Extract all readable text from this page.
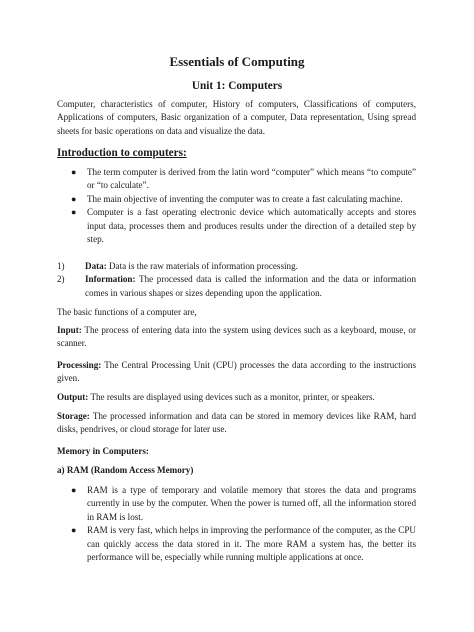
Essentials of Computing
Unit 1: Computers

Computer, characteristics of computer, History of computers, Classifications of computers, Applications of computers, Basic organization of a computer, Data representation, Using spread sheets for basic operations on data and visualize the data.

Introduction to computers:
● The term computer is derived from the latin word “computer” which means “to compute” or “to calculate”.
● The main objective of inventing the computer was to create a fast calculating machine.
● Computer is a fast operating electronic device which automatically accepts and stores input data, processes them and produces results under the direction of a detailed step by step.
1) Data: Data is the raw materials of information processing.
2) Information: The processed data is called the information and the data or information comes in various shapes or sizes depending upon the application.

The basic functions of a computer are,

Input: The process of entering data into the system using devices such as a keyboard, mouse, or scanner.

Processing: The Central Processing Unit (CPU) processes the data according to the instructions given.

Output: The results are displayed using devices such as a monitor, printer, or speakers.

Storage: The processed information and data can be stored in memory devices like RAM, hard disks, pendrives, or cloud storage for later use.

Memory in Computers:

a) RAM (Random Access Memory)

● RAM is a type of temporary and volatile memory that stores the data and programs currently in use by the computer. When the power is turned off, all the information stored in RAM is lost.
● RAM is very fast, which helps in improving the performance of the computer, as the CPU can quickly access the data stored in it. The more RAM a system has, the better its performance will be, especially while running multiple applications at once.
